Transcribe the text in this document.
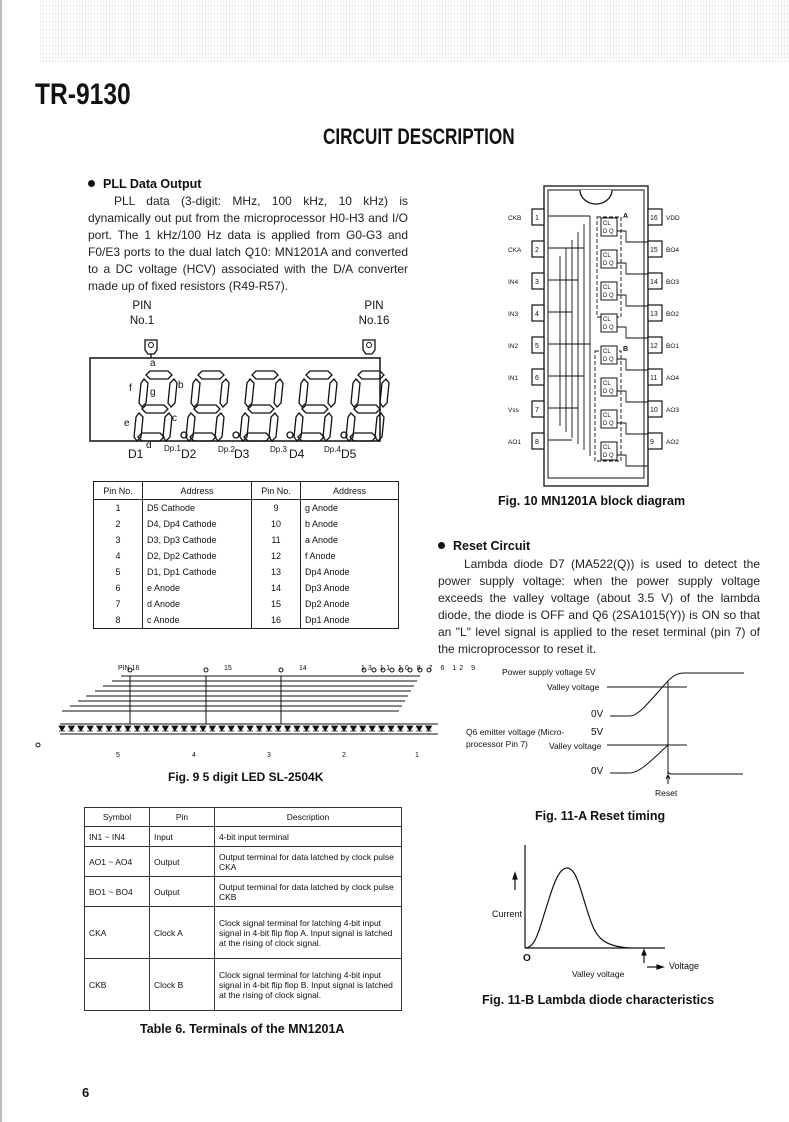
TR-9130
CIRCUIT DESCRIPTION
PLL Data Output
PLL data (3-digit: MHz, 100 kHz, 10 kHz) is dynamically out put from the microprocessor H0-H3 and I/O port. The 1 kHz/100 Hz data is applied from G0-G3 and F0/E3 ports to the dual latch Q10: MN1201A and converted to a DC voltage (HCV) associated with the D/A converter made up of fixed resistors (R49-R57).
PIN
No.1
PIN
No.16
a
b
c
d
e
f g
Dp.1	Dp.2	Dp.3	Dp.4
D1	D2	D3	D4	D5
Pin No.	Address	Pin No.	Address
1	D5 Cathode	9	g Anode
2	D4, Dp4 Cathode	10	b Anode
3	D3, Dp3 Cathode	11	a Anode
4	D2, Dp2 Cathode	12	f Anode
5	D1, Dp1 Cathode	13	Dp4 Anode
6	e Anode	14	Dp3 Anode
7	d Anode	15	Dp2 Anode
8	c Anode	16	Dp1 Anode
PIN 16	15	14	13 11 10 8 7 6 12 9
5	4	3	2	1
Fig. 9 5 digit LED SL-2504K
1
CKB	16 VDD
2
CKA	15 BO4
3
IN4	14 BO3
4
IN3	13 BO2
5
IN2	12 BO1
6
IN1	11 AO4
7
Vss	10 AO3
8
AO1	9 AO2
CL
D Q
CL
D Q
CL
D Q
CL
D Q
CL
D Q
CL
D Q
CL
D Q
CL
D Q
A
B
Fig. 10 MN1201A block diagram
Reset Circuit
Lambda diode D7 (MA522(Q)) is used to detect the power supply voltage: when the power supply voltage exceeds the valley voltage (about 3.5 V) of the lambda diode, the diode is OFF and Q6 (2SA1015(Y)) is ON so that an "L" level signal is applied to the reset terminal (pin 7) of the microprocessor to reset it.
Power supply voltage 5V
Valley voltage
0V
Q6 emitter voltage (Micro-
processor Pin 7)
5V
Valley voltage
0V
Reset
Fig. 11-A Reset timing
Symbol	Pin	Description
IN1 ~ IN4	Input	4-bit input terminal
AO1 ~ AO4	Output	Output terminal for data latched by clock pulse CKA
BO1 ~ BO4	Output	Output terminal for data latched by clock pulse CKB
CKA	Clock A	Clock signal terminal for latching 4-bit input signal in 4-bit flip flop A. Input signal is latched at the rising of clock signal.
CKB	Clock B	Clock signal terminal for latching 4-bit input signal in 4-bit flip flop B. Input signal is latched at the rising of clock signal.
Table 6. Terminals of the MN1201A
Current
O
Voltage
Valley voltage
Fig. 11-B Lambda diode characteristics
6
